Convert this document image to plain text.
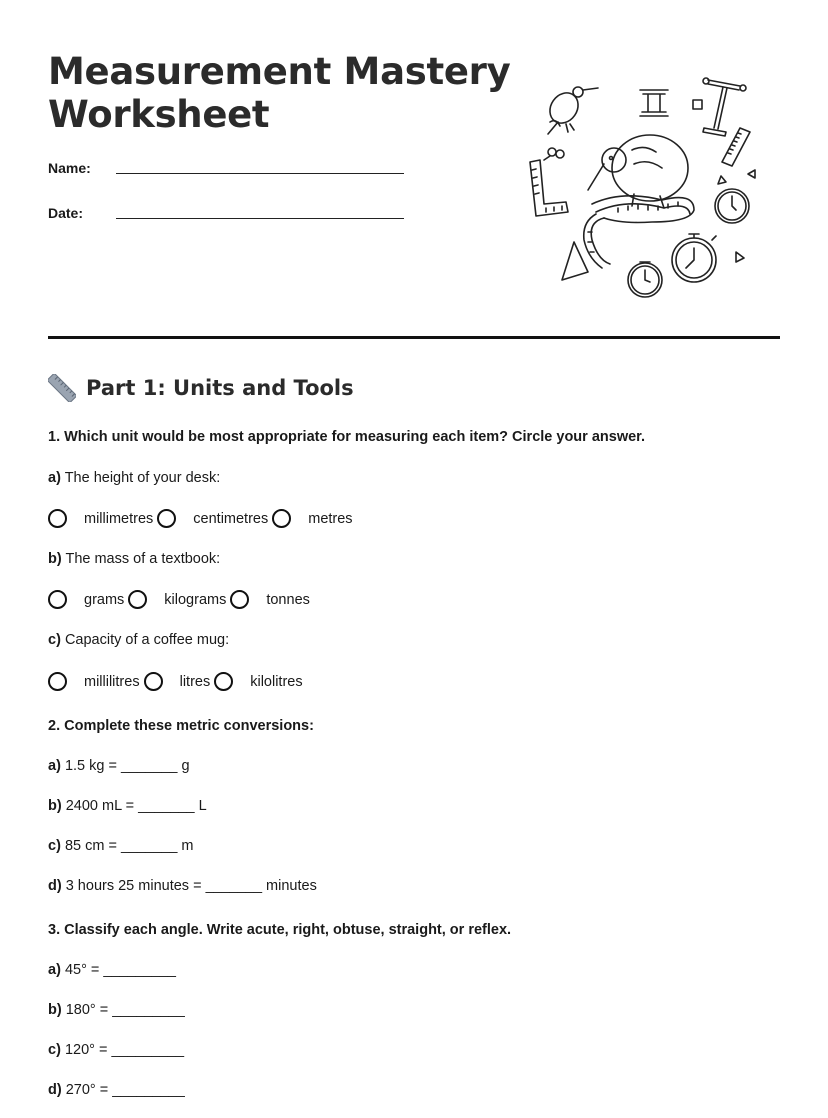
Measurement Mastery
Worksheet
Name:
Date:
Part 1: Units and Tools
1. Which unit would be most appropriate for measuring each item? Circle your answer.
a) The height of your desk:
millimetres	centimetres	metres
b) The mass of a textbook:
grams	kilograms	tonnes
c) Capacity of a coffee mug:
millilitres	litres	kilolitres
2. Complete these metric conversions:
a) 1.5 kg = _______ g
b) 2400 mL = _______ L
c) 85 cm = _______ m
d) 3 hours 25 minutes = _______ minutes
3. Classify each angle. Write acute, right, obtuse, straight, or reflex.
a) 45° = _________
b) 180° = _________
c) 120° = _________
d) 270° = _________
